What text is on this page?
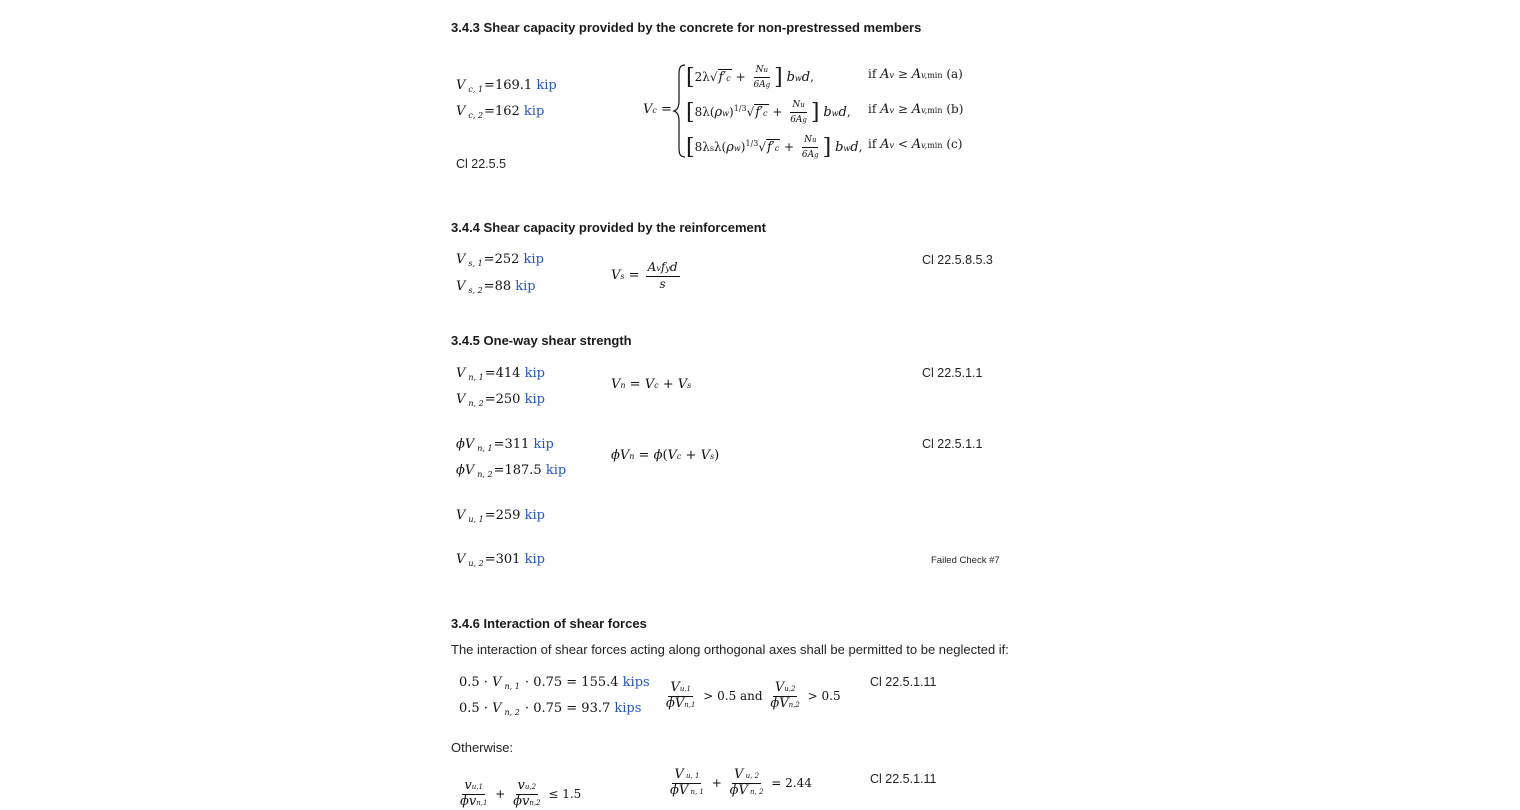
3.4.3 Shear capacity provided by the concrete for non-prestressed members
V $_{c, 1}$=169.1 kip
V $_{c, 2}$=162 kip
Cl 22.5.5
Vc =
[$2\lambda√f'c + \frac{Nu}{6Ag}$ ] bwd,
[$8\lambda(\rho w)^{1/3}√f'c + \frac{Nu}{6Ag}$ ] bwd,
[$8\lambda s\lambda(\rho w)^{1/3}√f'c + \frac{Nu}{6Ag}$ ] bwd,
if Av ≥ Av,min (a)
if Av ≥ Av,min (b)
if Av < Av,min (c)
3.4.4 Shear capacity provided by the reinforcement
V $_{s, 1}$=252 kip
V $_{s, 2}$=88 kip
$Vs = \frac{\text{Avfyd}}{s}$	Cl 22.5.8.5.3
3.4.5 One-way shear strength
V $_{n, 1}$=414 kip
V $_{n, 2}$=250 kip
Vn = Vc + Vs
Cl 22.5.1.1
ϕV $_{n, 1}$=311 kip
ϕV $_{n, 2}$=187.5 kip
ϕVn = ϕ(Vc + Vs)
Cl 22.5.1.1
V $_{u, 1}$=259 kip
V $_{u, 2}$=301 kip	Failed Check #7
3.4.6 Interaction of shear forces
The interaction of shear forces acting along orthogonal axes shall be permitted to be neglected if:
0.5 · V $_{n, 1}$ · 0.75 = 155.4 kips
0.5 · V $_{n, 2}$ · 0.75 = 93.7 kips $\frac{Vu,1}{\text{ϕVn,1}} > 0.5$ and $\frac{Vu,2}{\text{ϕVn,2}} > 0.5$
Cl 22.5.1.11
Otherwise:
$\frac{vu,1}{\text{ϕvn,1}} + \frac{vu,2}{\text{ϕvn,2}} \le 1.5$	$\frac{\text{V u, 1}}{\text{ϕV n, 1}} + \frac{\text{V u, 2}}{\text{ϕV n, 2}} = 2.44$	Cl 22.5.1.11
